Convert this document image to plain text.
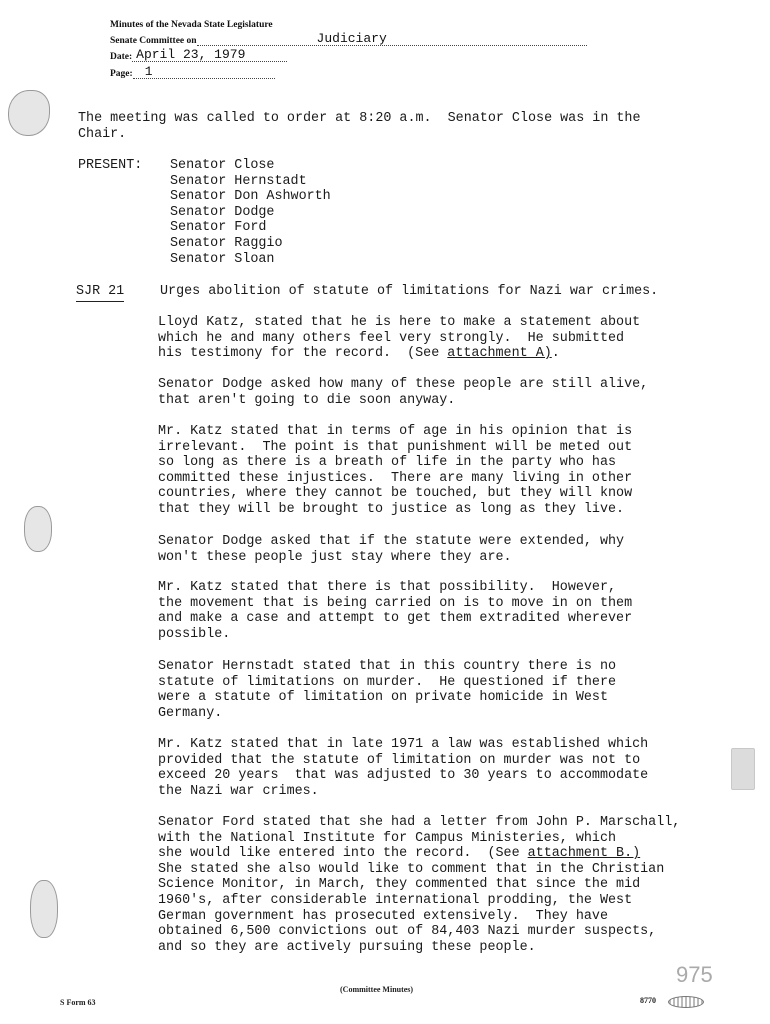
Minutes of the Nevada State Legislature
Senate Committee on	Judiciary
Date: April 23, 1979
Page: 1
The meeting was called to order at 8:20 a.m.  Senator Close was in the
Chair.
PRESENT: Senator Close
Senator Hernstadt
Senator Don Ashworth
Senator Dodge
Senator Ford
Senator Raggio
Senator Sloan
SJR 21	Urges abolition of statute of limitations for Nazi war crimes.
Lloyd Katz, stated that he is here to make a statement about
which he and many others feel very strongly.  He submitted
his testimony for the record.  (See attachment A).
Senator Dodge asked how many of these people are still alive,
that aren't going to die soon anyway.
Mr. Katz stated that in terms of age in his opinion that is
irrelevant.  The point is that punishment will be meted out
so long as there is a breath of life in the party who has
committed these injustices.  There are many living in other
countries, where they cannot be touched, but they will know
that they will be brought to justice as long as they live.
Senator Dodge asked that if the statute were extended, why
won't these people just stay where they are.
Mr. Katz stated that there is that possibility.  However,
the movement that is being carried on is to move in on them
and make a case and attempt to get them extradited wherever
possible.
Senator Hernstadt stated that in this country there is no
statute of limitations on murder.  He questioned if there
were a statute of limitation on private homicide in West
Germany.
Mr. Katz stated that in late 1971 a law was established which
provided that the statute of limitation on murder was not to
exceed 20 years  that was adjusted to 30 years to accommodate
the Nazi war crimes.
Senator Ford stated that she had a letter from John P. Marschall,
with the National Institute for Campus Ministeries, which
she would like entered into the record.  (See attachment B.)
She stated she also would like to comment that in the Christian
Science Monitor, in March, they commented that since the mid
1960's, after considerable international prodding, the West
German government has prosecuted extensively.  They have
obtained 6,500 convictions out of 84,403 Nazi murder suspects,
and so they are actively pursuing these people.
975
(Committee Minutes)
S Form 63	8770
